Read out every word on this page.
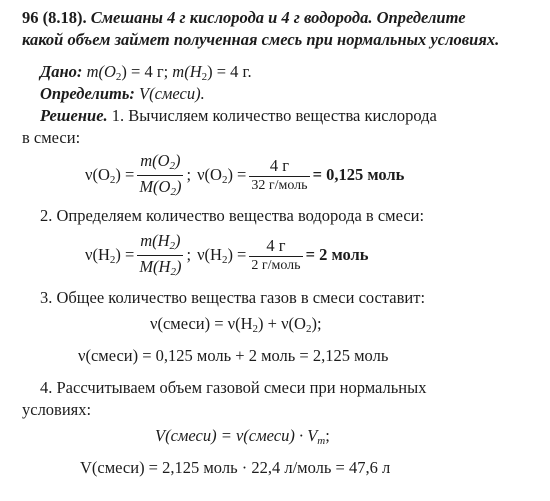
96 (8.18). Смешаны 4 г кислорода и 4 г водорода. Определите
какой объем займет полученная смесь при нормальных условиях.
Дано: $m(O_2) = 4$ г; $m(H_2) = 4$ г.
Определить: V(смеси).
Решение. 1. Вычисляем количество вещества кислорода
в смеси:
$\nu(O_2) = \frac{m(O_2)}{M(O_2)}$ ; $\nu(O_2) = \frac{4 г}{\text{32 г/моль}} = 0,125$ моль
2. Определяем количество вещества водорода в смеси:
$\nu(H_2) = \frac{m(H_2)}{M(H_2)}$ ; $\nu(H_2) = \frac{4 г}{\text{2 г/моль}} = 2$ моль
3. Общее количество вещества газов в смеси составит:
ν(смеси) = $\nu(H_2) + \nu(O_2)$;
ν(смеси) = 0,125 моль + 2 моль = 2,125 моль
4. Рассчитываем объем газовой смеси при нормальных
условиях:
V(смеси) = ν(смеси) · $V_m$;
V(смеси) = 2,125 моль · 22,4 л/моль = 47,6 л
